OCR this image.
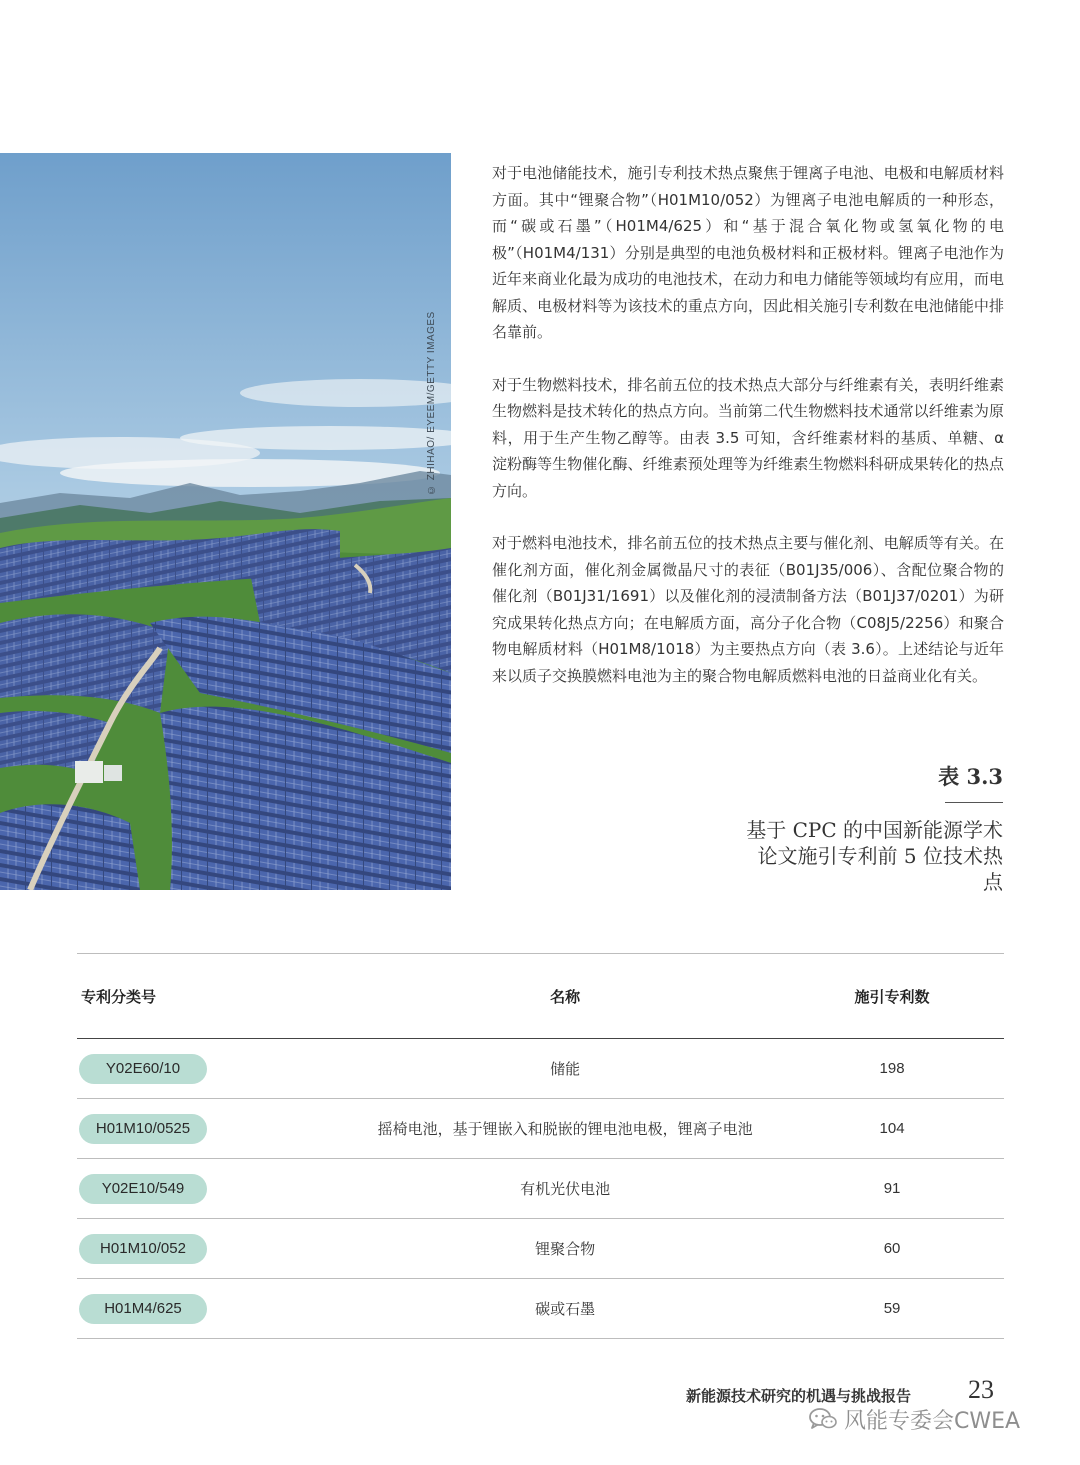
© ZHIHAO/ EYEEM/GETTY IMAGES

对于电池储能技术，施引专利技术热点聚焦于锂离子电池、电极和电解质材料方面。其中“锂聚合物”（H01M10/052）为锂离子电池电解质的一种形态，而“碳或石墨”（H01M4/625）和“基于混合氧化物或氢氧化物的电极”（H01M4/131）分别是典型的电池负极材料和正极材料。锂离子电池作为近年来商业化最为成功的电池技术，在动力和电力储能等领域均有应用，而电解质、电极材料等为该技术的重点方向，因此相关施引专利数在电池储能中排名靠前。

对于生物燃料技术，排名前五位的技术热点大部分与纤维素有关，表明纤维素生物燃料是技术转化的热点方向。当前第二代生物燃料技术通常以纤维素为原料，用于生产生物乙醇等。由表 3.5 可知，含纤维素材料的基质、单糖、α 淀粉酶等生物催化酶、纤维素预处理等为纤维素生物燃料科研成果转化的热点方向。

对于燃料电池技术，排名前五位的技术热点主要与催化剂、电解质等有关。在催化剂方面，催化剂金属微晶尺寸的表征（B01J35/006）、含配位聚合物的催化剂（B01J31/1691）以及催化剂的浸渍制备方法（B01J37/0201）为研究成果转化热点方向；在电解质方面，高分子化合物（C08J5/2256）和聚合物电解质材料（H01M8/1018）为主要热点方向（表 3.6）。上述结论与近年来以质子交换膜燃料电池为主的聚合物电解质燃料电池的日益商业化有关。

表 3.3
基于 CPC 的中国新能源学术论文施引专利前 5 位技术热点
专利分类号	名称	施引专利数
Y02E60/10	储能	198
H01M10/0525	摇椅电池，基于锂嵌入和脱嵌的锂电池电极，锂离子电池	104
Y02E10/549	有机光伏电池	91
H01M10/052	锂聚合物	60
H01M4/625	碳或石墨	59
新能源技术研究的机遇与挑战报告 23
风能专委会CWEA
